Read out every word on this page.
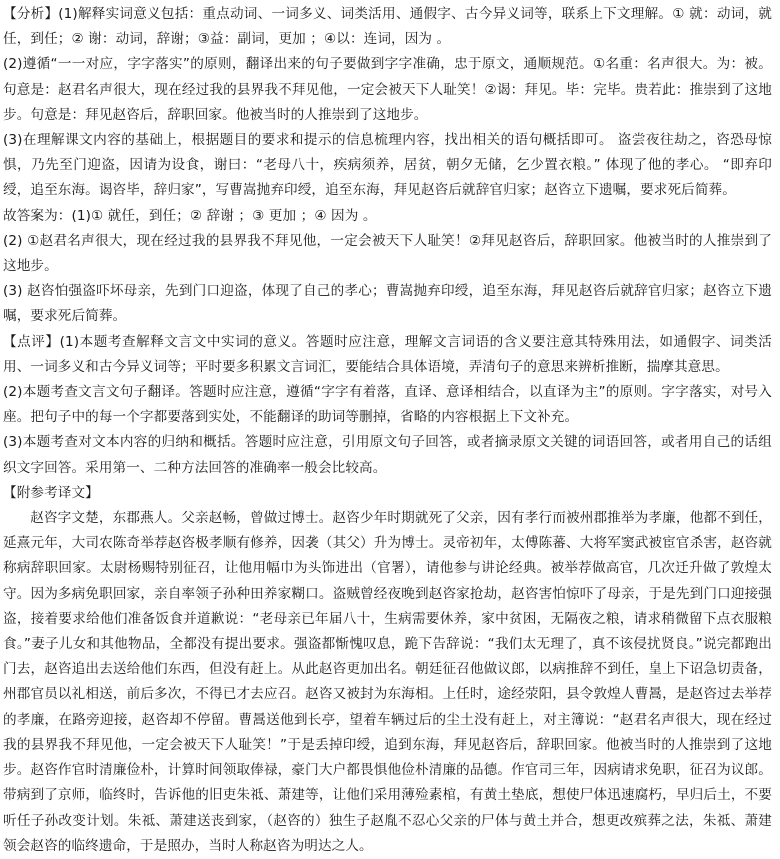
【分析】(1)解释实词意义包括：重点动词、一词多义、词类活用、通假字、古今异义词等，联系上下文理解。① 就：动词，就任，到任；② 谢：动词，辞谢；③益：副词，更加 ；④以：连词，因为 。

(2)遵循“一一对应，字字落实”的原则，翻译出来的句子要做到字字准确，忠于原文，通顺规范。①名重：名声很大。为：被。句意是：赵君名声很大，现在经过我的县界我不拜见他，一定会被天下人耻笑！②谒：拜见。毕：完毕。贵若此：推崇到了这地步。句意是：拜见赵咨后，辞职回家。他被当时的人推崇到了这地步。

(3)在理解课文内容的基础上，根据题目的要求和提示的信息梳理内容，找出相关的语句概括即可。 盗尝夜往劫之，咨恐母惊惧，乃先至门迎盗，因请为设食，谢曰：“老母八十，疾病须养，居贫，朝夕无储，乞少置衣粮。” 体现了他的孝心。 “即弃印绶，追至东海。谒咨毕，辞归家”，写曹嵩抛弃印绶，追至东海，拜见赵咨后就辞官归家；赵咨立下遗嘱，要求死后简葬。

故答案为：(1)① 就任，到任；② 辞谢 ；③ 更加 ；④ 因为 。

(2) ①赵君名声很大，现在经过我的县界我不拜见他，一定会被天下人耻笑！②拜见赵咨后，辞职回家。他被当时的人推崇到了这地步。

(3) 赵咨怕强盗吓坏母亲，先到门口迎盗，体现了自己的孝心；曹嵩抛弃印绶，追至东海，拜见赵咨后就辞官归家；赵咨立下遗嘱，要求死后简葬。

【点评】(1)本题考查解释文言文中实词的意义。答题时应注意，理解文言词语的含义要注意其特殊用法，如通假字、词类活用、一词多义和古今异义词等；平时要多积累文言词汇，要能结合具体语境，弄清句子的意思来辨析推断，揣摩其意思。

(2)本题考查文言文句子翻译。答题时应注意，遵循“字字有着落，直译、意译相结合，以直译为主”的原则。字字落实，对号入座。把句子中的每一个字都要落到实处，不能翻译的助词等删掉，省略的内容根据上下文补充。

(3)本题考查对文本内容的归纳和概括。答题时应注意，引用原文句子回答，或者摘录原文关键的词语回答，或者用自己的话组织文字回答。采用第一、二种方法回答的准确率一般会比较高。

【附参考译文】

赵咨字文楚，东郡燕人。父亲赵畅，曾做过博士。赵咨少年时期就死了父亲，因有孝行而被州郡推举为孝廉，他都不到任，延熹元年，大司农陈奇举荐赵咨极孝顺有修养，因袭（其父）升为博士。灵帝初年，太傅陈蕃、大将军窦武被宦官杀害，赵咨就称病辞职回家。太尉杨赐特别征召，让他用幅巾为头饰进出（官署），请他参与讲论经典。被举荐做高官，几次迁升做了敦煌太守。因为多病免职回家，亲自率领子孙种田养家糊口。盗贼曾经夜晚到赵咨家抢劫，赵咨害怕惊吓了母亲，于是先到门口迎接强盗，接着要求给他们准备饭食并道歉说：“老母亲已年届八十，生病需要休养，家中贫困，无隔夜之粮，请求稍微留下点衣服粮食。”妻子儿女和其他物品，全都没有提出要求。强盗都惭愧叹息，跪下告辞说：“我们太无理了，真不该侵扰贤良。”说完都跑出门去，赵咨追出去送给他们东西，但没有赶上。从此赵咨更加出名。朝廷征召他做议郎，以病推辞不到任，皇上下诏急切责备，州郡官员以礼相送，前后多次，不得已才去应召。赵咨又被封为东海相。上任时，途经荥阳，县令敦煌人曹暠，是赵咨过去举荐的孝廉，在路旁迎接，赵咨却不停留。曹暠送他到长亭，望着车辆过后的尘土没有赶上，对主簿说：“赵君名声很大，现在经过我的县界我不拜见他，一定会被天下人耻笑！”于是丢掉印绶，追到东海，拜见赵咨后，辞职回家。他被当时的人推崇到了这地步。赵咨作官时清廉俭朴，计算时间领取俸禄，豪门大户都畏惧他俭朴清廉的品德。作官司三年，因病请求免职，征召为议郎。带病到了京师，临终时，告诉他的旧吏朱祗、萧建等，让他们采用薄殓素棺，有黄土垫底，想使尸体迅速腐朽，早归后土，不要听任子孙改变计划。朱祗、萧建送丧到家，（赵咨的）独生子赵胤不忍心父亲的尸体与黄土并合，想更改殡葬之法，朱祗、萧建领会赵咨的临终遗命，于是照办，当时人称赵咨为明达之人。
